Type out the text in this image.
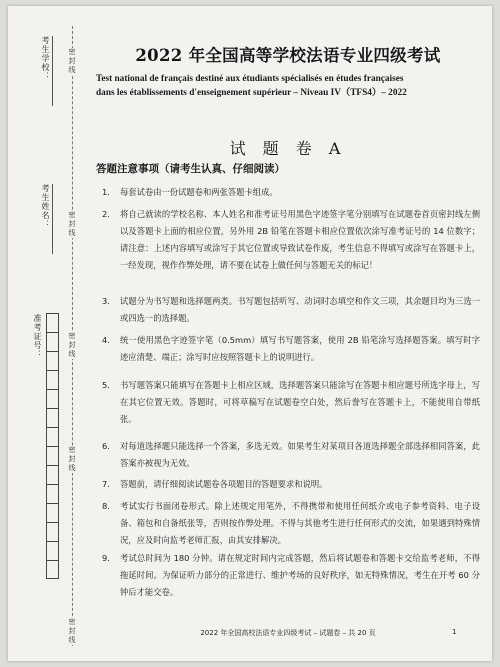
密封线
密封线
密封线
密封线
密封线
考生学校：
考生姓名：
准考证号：
2022 年全国高等学校法语专业四级考试
Test national de français destiné aux étudiants spécialisés en études françaises
dans les établissements d'enseignement supérieur – Niveau IV（TFS4）– 2022
试 题 卷 A
答题注意事项（请考生认真、仔细阅读）
1. 每套试卷由一份试题卷和两张答题卡组成。
2. 将自己就读的学校名称、本人姓名和准考证号用黑色字迹签字笔分别填写在试题卷首页密封线左侧以及答题卡上面的相应位置，另外用 2B 铅笔在答题卡相应位置依次涂写准考证号的 14 位数字；请注意：上述内容填写或涂写于其它位置或导致试卷作废，考生信息不得填写或涂写在答题卡上，一经发现，视作作弊处理，请不要在试卷上做任何与答题无关的标记！
3. 试题分为书写题和选择题两类。书写题包括听写、动词时态填空和作文三项，其余题目均为三选一或四选一的选择题。
4. 统一使用黑色字迹签字笔（0.5mm）填写书写题答案，使用 2B 铅笔涂写选择题答案。填写时字迹应清楚、端正；涂写时应按照答题卡上的说明进行。
5. 书写题答案只能填写在答题卡上相应区域，选择题答案只能涂写在答题卡相应题号所选字母上，写在其它位置无效。答题时，可将草稿写在试题卷空白处，然后誊写在答题卡上，不能使用自带纸张。
6. 对每道选择题只能选择一个答案，多选无效。如果考生对某项目各道选择题全部选择相同答案，此答案亦被视为无效。
7. 答题前，请仔细阅读试题卷各项题目的答题要求和说明。
8. 考试实行书面闭卷形式。除上述规定用笔外，不得携带和使用任何纸介或电子参考资料、电子设备、箱包和自备纸张等，否则按作弊处理。不得与其他考生进行任何形式的交流，如果遇到特殊情况，应及时向监考老师汇报，由其安排解决。
9. 考试总时间为 180 分钟。请在规定时间内完成答题，然后将试题卷和答题卡交给监考老师，不得拖延时间。为保证听力部分的正常进行、维护考场的良好秩序，如无特殊情况，考生在开考 60 分钟后才能交卷。
2022 年全国高校法语专业四级考试 – 试题卷 – 共 20 页	1
